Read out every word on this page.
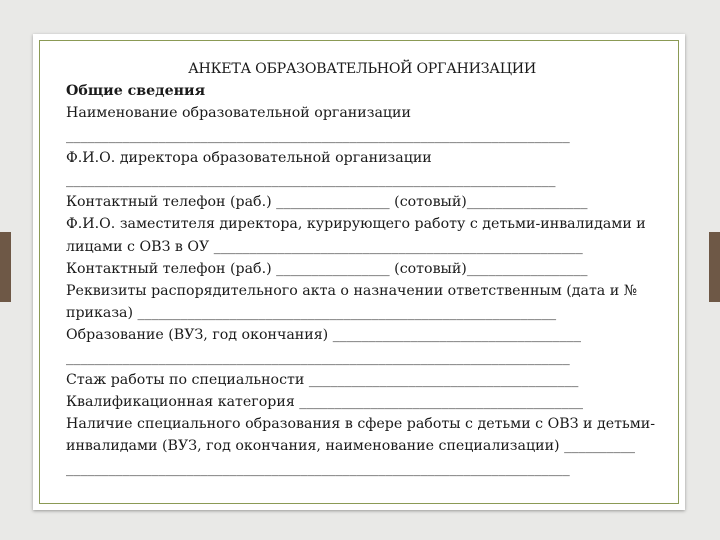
АНКЕТА ОБРАЗОВАТЕЛЬНОЙ ОРГАНИЗАЦИИ
Общие сведения
Наименование образовательной организации
_______________________________________________________________________
Ф.И.О. директора образовательной организации
_____________________________________________________________________
Контактный телефон (раб.) ________________ (сотовый)_________________
Ф.И.О. заместителя директора, курирующего работу с детьми-инвалидами и
лицами с ОВЗ в ОУ ____________________________________________________
Контактный телефон (раб.) ________________ (сотовый)_________________
Реквизиты распорядительного акта о назначении ответственным (дата и №
приказа) ___________________________________________________________
Образование (ВУЗ, год окончания) ___________________________________
_______________________________________________________________________
Стаж работы по специальности ______________________________________
Квалификационная категория ________________________________________
Наличие специального образования в сфере работы с детьми с ОВЗ и детьми-
инвалидами (ВУЗ, год окончания, наименование специализации) __________
_______________________________________________________________________
